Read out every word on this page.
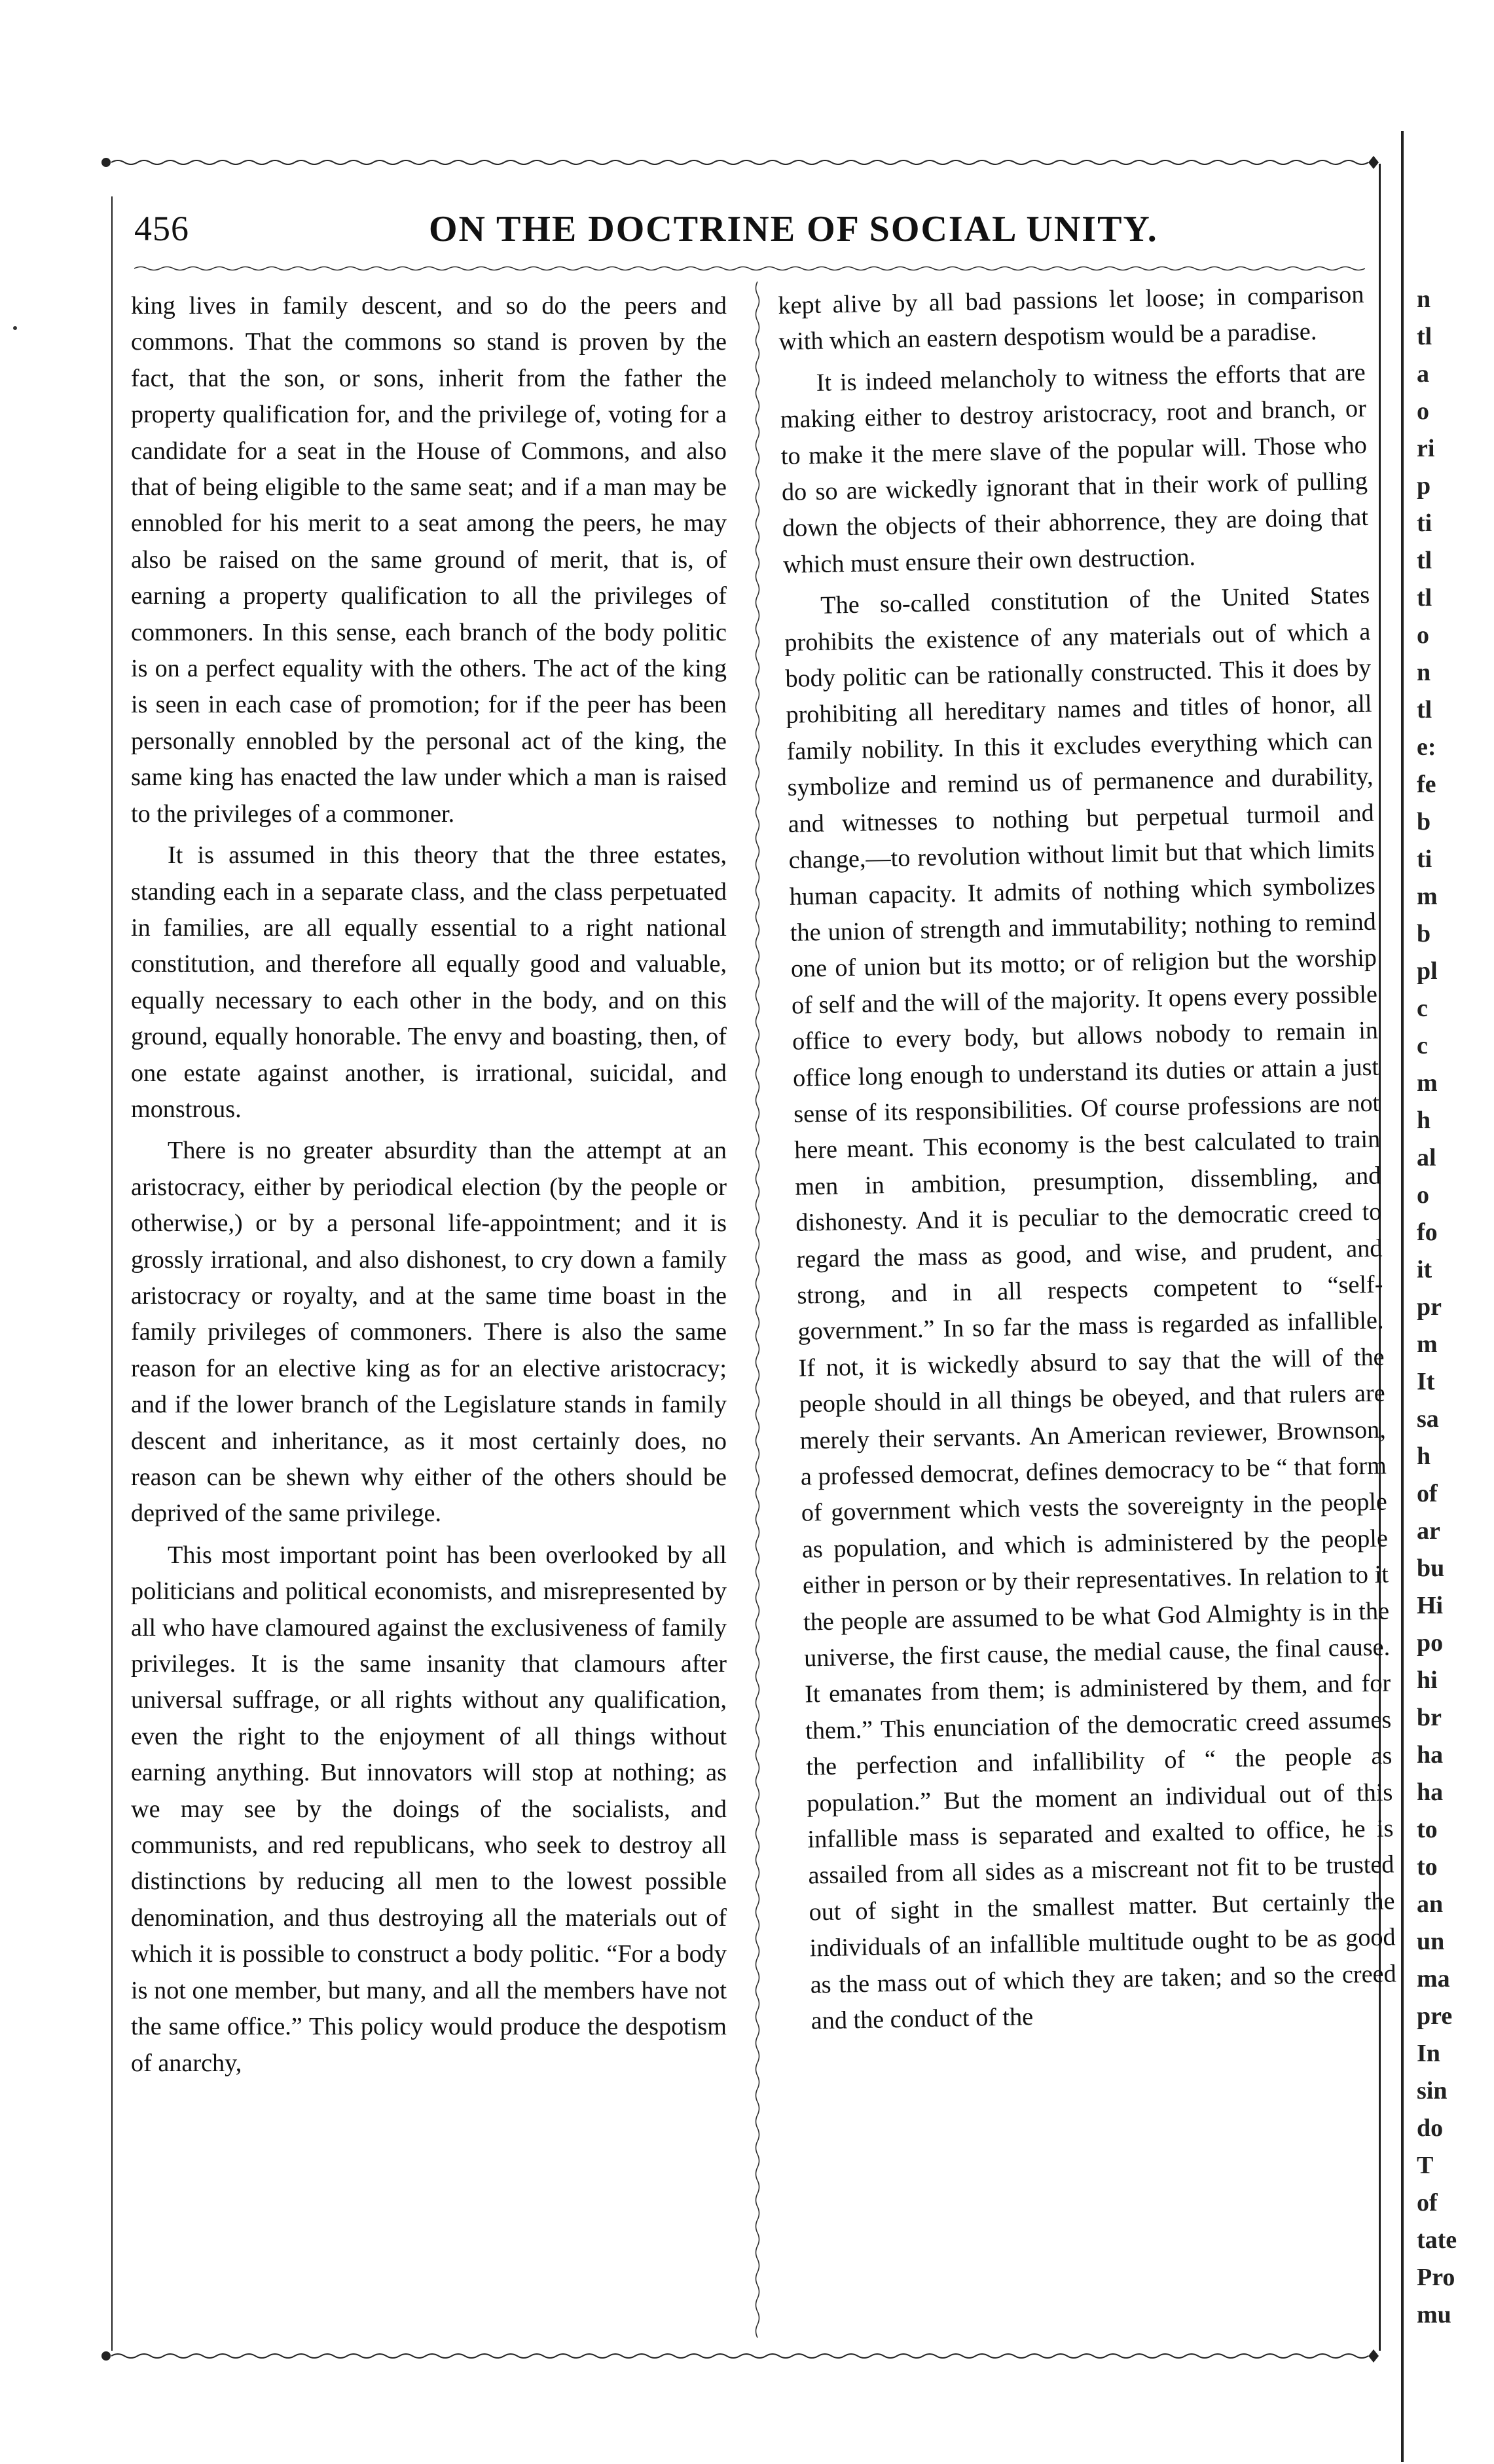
456	ON THE DOCTRINE OF SOCIAL UNITY.

king lives in family descent, and so do the peers and commons. That the commons so stand is proven by the fact, that the son, or sons, inherit from the father the property qualification for, and the privilege of, voting for a candidate for a seat in the House of Commons, and also that of being eligible to the same seat; and if a man may be ennobled for his merit to a seat among the peers, he may also be raised on the same ground of merit, that is, of earning a property qualification to all the privileges of commoners. In this sense, each branch of the body politic is on a perfect equality with the others. The act of the king is seen in each case of promotion; for if the peer has been personally ennobled by the personal act of the king, the same king has enacted the law under which a man is raised to the privileges of a commoner.

It is assumed in this theory that the three estates, standing each in a separate class, and the class perpetuated in families, are all equally essential to a right national constitution, and therefore all equally good and valuable, equally necessary to each other in the body, and on this ground, equally honorable. The envy and boasting, then, of one estate against another, is irrational, suicidal, and monstrous.

There is no greater absurdity than the attempt at an aristocracy, either by periodical election (by the people or otherwise,) or by a personal life-appointment; and it is grossly irrational, and also dishonest, to cry down a family aristocracy or royalty, and at the same time boast in the family privileges of commoners. There is also the same reason for an elective king as for an elective aristocracy; and if the lower branch of the Legislature stands in family descent and inheritance, as it most certainly does, no reason can be shewn why either of the others should be deprived of the same privilege.

This most important point has been overlooked by all politicians and political economists, and misrepresented by all who have clamoured against the exclusiveness of family privileges. It is the same insanity that clamours after universal suffrage, or all rights without any qualification, even the right to the enjoyment of all things without earning anything. But innovators will stop at nothing; as we may see by the doings of the socialists, and communists, and red republicans, who seek to destroy all distinctions by reducing all men to the lowest possible denomination, and thus destroying all the materials out of which it is possible to construct a body politic. “For a body is not one member, but many, and all the members have not the same office.” This policy would produce the despotism of anarchy,

kept alive by all bad passions let loose; in comparison with which an eastern despotism would be a paradise.

It is indeed melancholy to witness the efforts that are making either to destroy aristocracy, root and branch, or to make it the mere slave of the popular will. Those who do so are wickedly ignorant that in their work of pulling down the objects of their abhorrence, they are doing that which must ensure their own destruction.

The so-called constitution of the United States prohibits the existence of any materials out of which a body politic can be rationally constructed. This it does by prohibiting all hereditary names and titles of honor, all family nobility. In this it excludes everything which can symbolize and remind us of permanence and durability, and witnesses to nothing but perpetual turmoil and change,—to revolution without limit but that which limits human capacity. It admits of nothing which symbolizes the union of strength and immutability; nothing to remind one of union but its motto; or of religion but the worship of self and the will of the majority. It opens every possible office to every body, but allows nobody to remain in office long enough to understand its duties or attain a just sense of its responsibilities. Of course professions are not here meant. This economy is the best calculated to train men in ambition, presumption, dissembling, and dishonesty. And it is peculiar to the democratic creed to regard the mass as good, and wise, and prudent, and strong, and in all respects competent to “self-government.” In so far the mass is regarded as infallible. If not, it is wickedly absurd to say that the will of the people should in all things be obeyed, and that rulers are merely their servants. An American reviewer, Brownson, a professed democrat, defines democracy to be “ that form of government which vests the sovereignty in the people as population, and which is administered by the people either in person or by their representatives. In relation to it the people are assumed to be what God Almighty is in the universe, the first cause, the medial cause, the final cause. It emanates from them; is administered by them, and for them.” This enunciation of the democratic creed assumes the perfection and infallibility of “ the people as population.” But the moment an individual out of this infallible mass is separated and exalted to office, he is assailed from all sides as a miscreant not fit to be trusted out of sight in the smallest matter. But certainly the individuals of an infallible multitude ought to be as good as the mass out of which they are taken; and so the creed and the conduct of the

n
tl
a
o
ri
p
ti
tl
tl
o
n
tl
e:
fe
b
ti
m
b
pl
c
c
m
h
al
o
fo
it
pr
m
It
sa
h
of
ar
bu
Hi
po
hi
br
ha
ha
to
to
an
un
ma
pre
In
sin
do
T
of
tate
Pro
mu
